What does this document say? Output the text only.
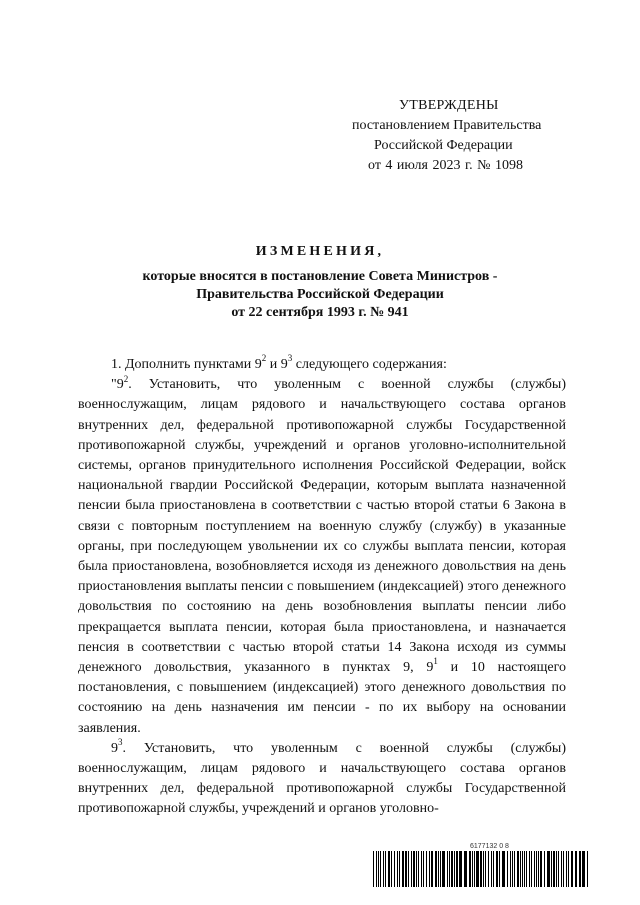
УТВЕРЖДЕНЫ
постановлением Правительства
Российской Федерации
от 4 июля 2023 г. № 1098
ИЗМЕНЕНИЯ,
которые вносятся в постановление Совета Министров -
Правительства Российской Федерации
от 22 сентября 1993 г. № 941

1. Дополнить пунктами $9^2$ и $9^3$ следующего содержания:

"$9^2$. Установить, что уволенным с военной службы (службы) военнослужащим, лицам рядового и начальствующего состава органов внутренних дел, федеральной противопожарной службы Государственной противопожарной службы, учреждений и органов уголовно-исполнительной системы, органов принудительного исполнения Российской Федерации, войск национальной гвардии Российской Федерации, которым выплата назначенной пенсии была приостановлена в соответствии с частью второй статьи 6 Закона в связи с повторным поступлением на военную службу (службу) в указанные органы, при последующем увольнении их со службы выплата пенсии, которая была приостановлена, возобновляется исходя из денежного довольствия на день приостановления выплаты пенсии с повышением (индексацией) этого денежного довольствия по состоянию на день возобновления выплаты пенсии либо прекращается выплата пенсии, которая была приостановлена, и назначается пенсия в соответствии с частью второй статьи 14 Закона исходя из суммы денежного довольствия, указанного в пунктах 9, $9^1$ и 10 настоящего постановления, с повышением (индексацией) этого денежного довольствия по состоянию на день назначения им пенсии - по их выбору на основании заявления.

$9^3$. Установить, что уволенным с военной службы (службы) военнослужащим, лицам рядового и начальствующего состава органов внутренних дел, федеральной противопожарной службы Государственной противопожарной службы, учреждений и органов уголовно-

6177132 0 8
